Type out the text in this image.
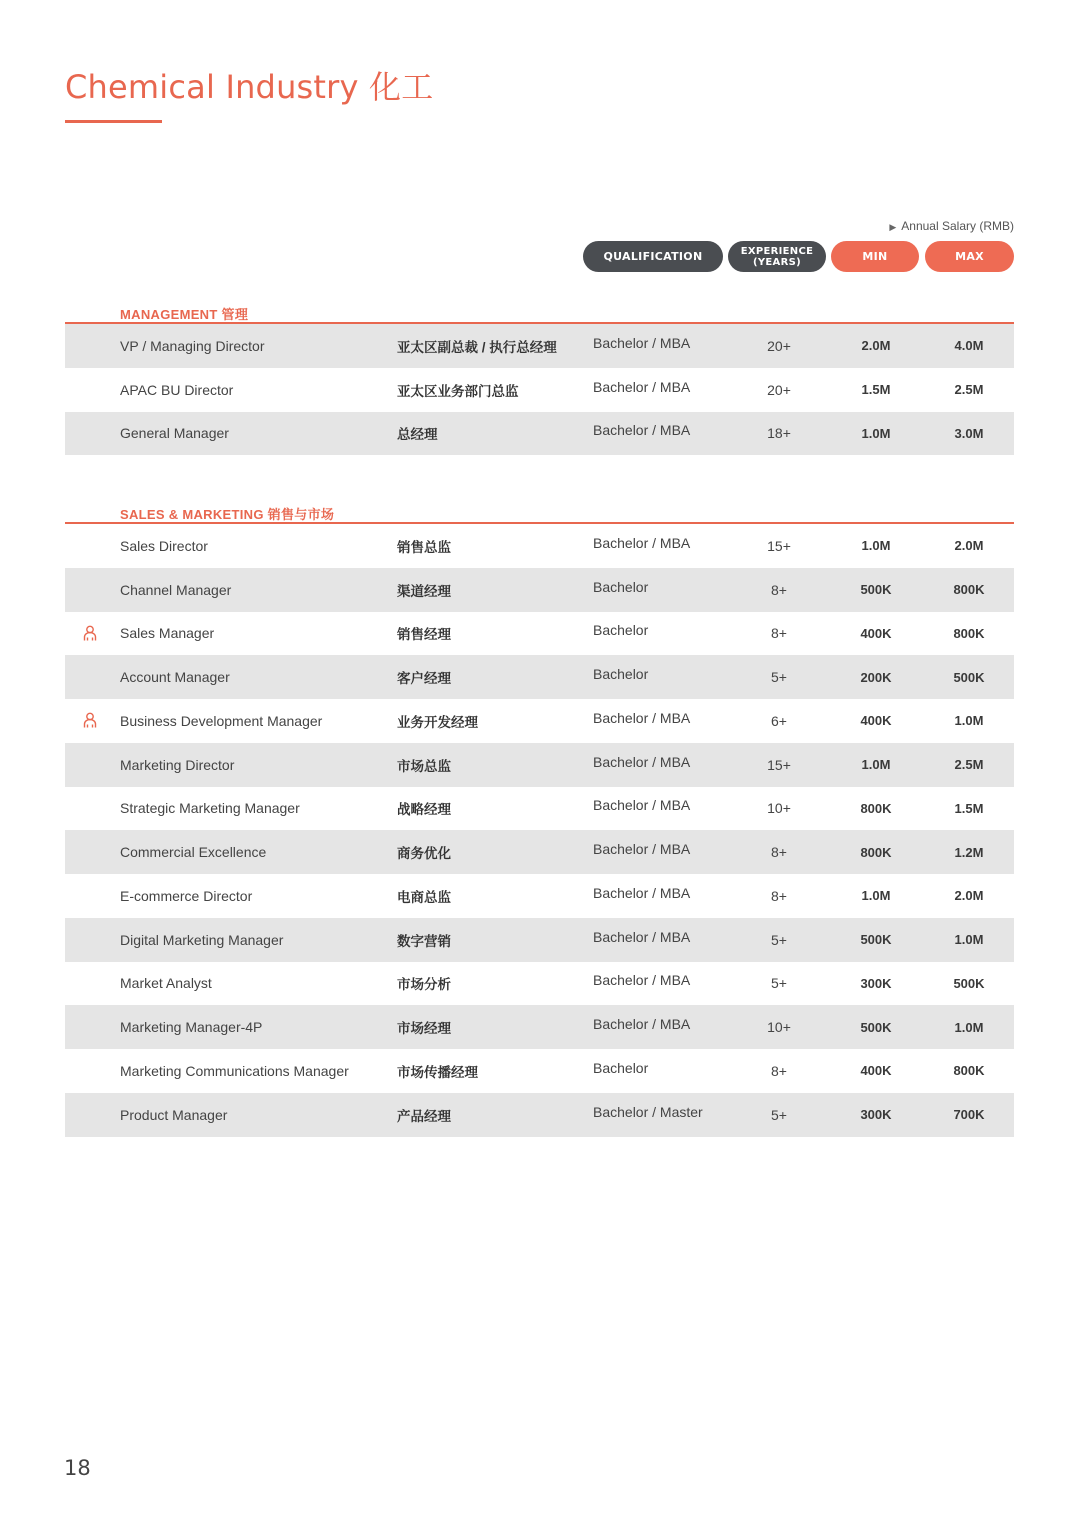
Chemical Industry 化工
▶ Annual Salary (RMB)
QUALIFICATION	EXPERIENCE
(YEARS)	MIN	MAX
MANAGEMENT 管理
VP / Managing Director	亚太区副总裁 / 执行总经理	Bachelor / MBA	20+	2.0M	4.0M
APAC BU Director	亚太区业务部门总监	Bachelor / MBA	20+	1.5M	2.5M
General Manager	总经理	Bachelor / MBA	18+	1.0M	3.0M
SALES & MARKETING 销售与市场
Sales Director	销售总监	Bachelor / MBA	15+	1.0M	2.0M
Channel Manager	渠道经理	Bachelor	8+	500K	800K
Sales Manager	销售经理	Bachelor	8+	400K	800K
Account Manager	客户经理	Bachelor	5+	200K	500K
Business Development Manager	业务开发经理	Bachelor / MBA	6+	400K	1.0M
Marketing Director	市场总监	Bachelor / MBA	15+	1.0M	2.5M
Strategic Marketing Manager	战略经理	Bachelor / MBA	10+	800K	1.5M
Commercial Excellence	商务优化	Bachelor / MBA	8+	800K	1.2M
E-commerce Director	电商总监	Bachelor / MBA	8+	1.0M	2.0M
Digital Marketing Manager	数字营销	Bachelor / MBA	5+	500K	1.0M
Market Analyst	市场分析	Bachelor / MBA	5+	300K	500K
Marketing Manager-4P	市场经理	Bachelor / MBA	10+	500K	1.0M
Marketing Communications Manager	市场传播经理	Bachelor	8+	400K	800K
Product Manager	产品经理	Bachelor / Master	5+	300K	700K
18
